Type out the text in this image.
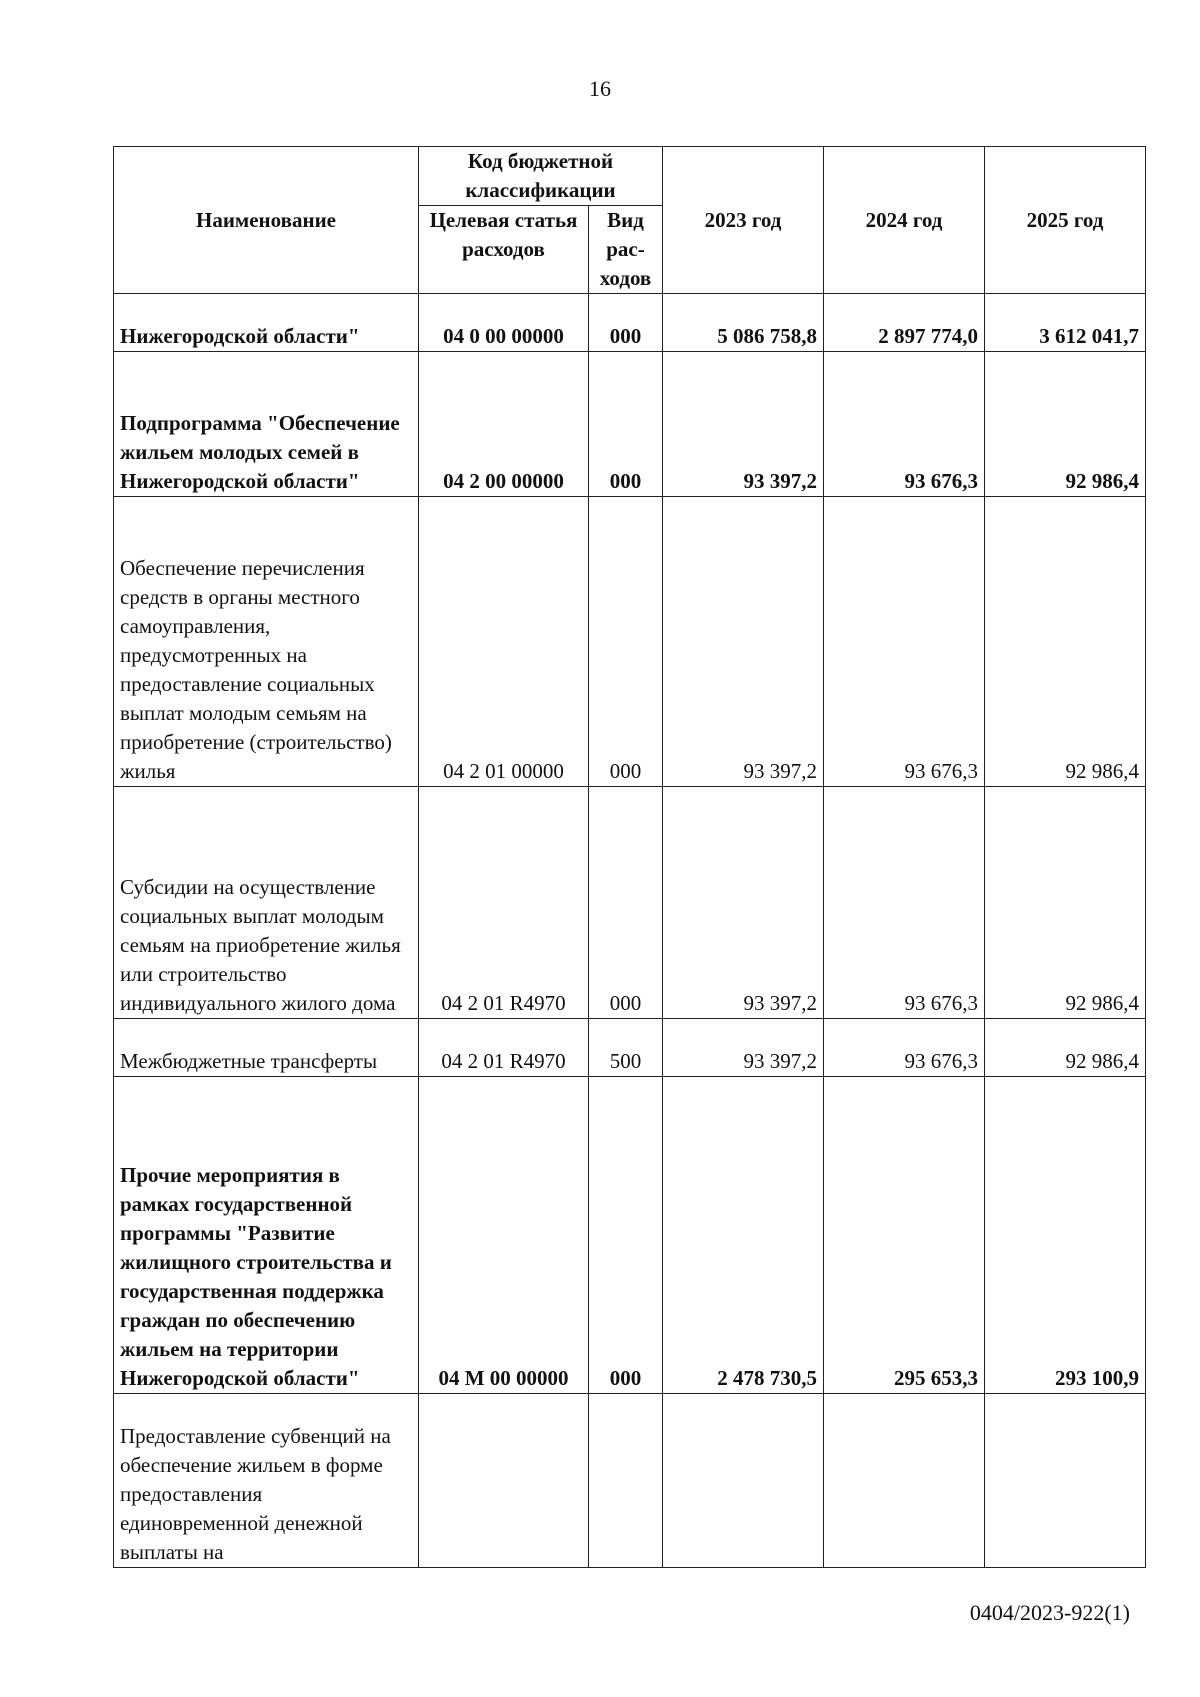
16
Наименование	Код бюджетной классификации		2023 год	2024 год	2025 год
	Целевая статья расходов	Вид рас- ходов			
Нижегородской области"	04 0 00 00000	000	5 086 758,8	2 897 774,0	3 612 041,7
Подпрограмма "Обеспечение жильем молодых семей в Нижегородской области"	04 2 00 00000	000	93 397,2	93 676,3	92 986,4
Обеспечение перечисления средств в органы местного самоуправления, предусмотренных на предоставление социальных выплат молодым семьям на приобретение (строительство) жилья	04 2 01 00000	000	93 397,2	93 676,3	92 986,4
Субсидии на осуществление социальных выплат молодым семьям на приобретение жилья или строительство индивидуального жилого дома	04 2 01 R4970	000	93 397,2	93 676,3	92 986,4
Межбюджетные трансферты	04 2 01 R4970	500	93 397,2	93 676,3	92 986,4
Прочие мероприятия в рамках государственной программы "Развитие жилищного строительства и государственная поддержка граждан по обеспечению жильем на территории Нижегородской области"	04 М 00 00000	000	2 478 730,5	295 653,3	293 100,9
Предоставление субвенций на обеспечение жильем в форме предоставления единовременной денежной выплаты на					
0404/2023-922(1)
